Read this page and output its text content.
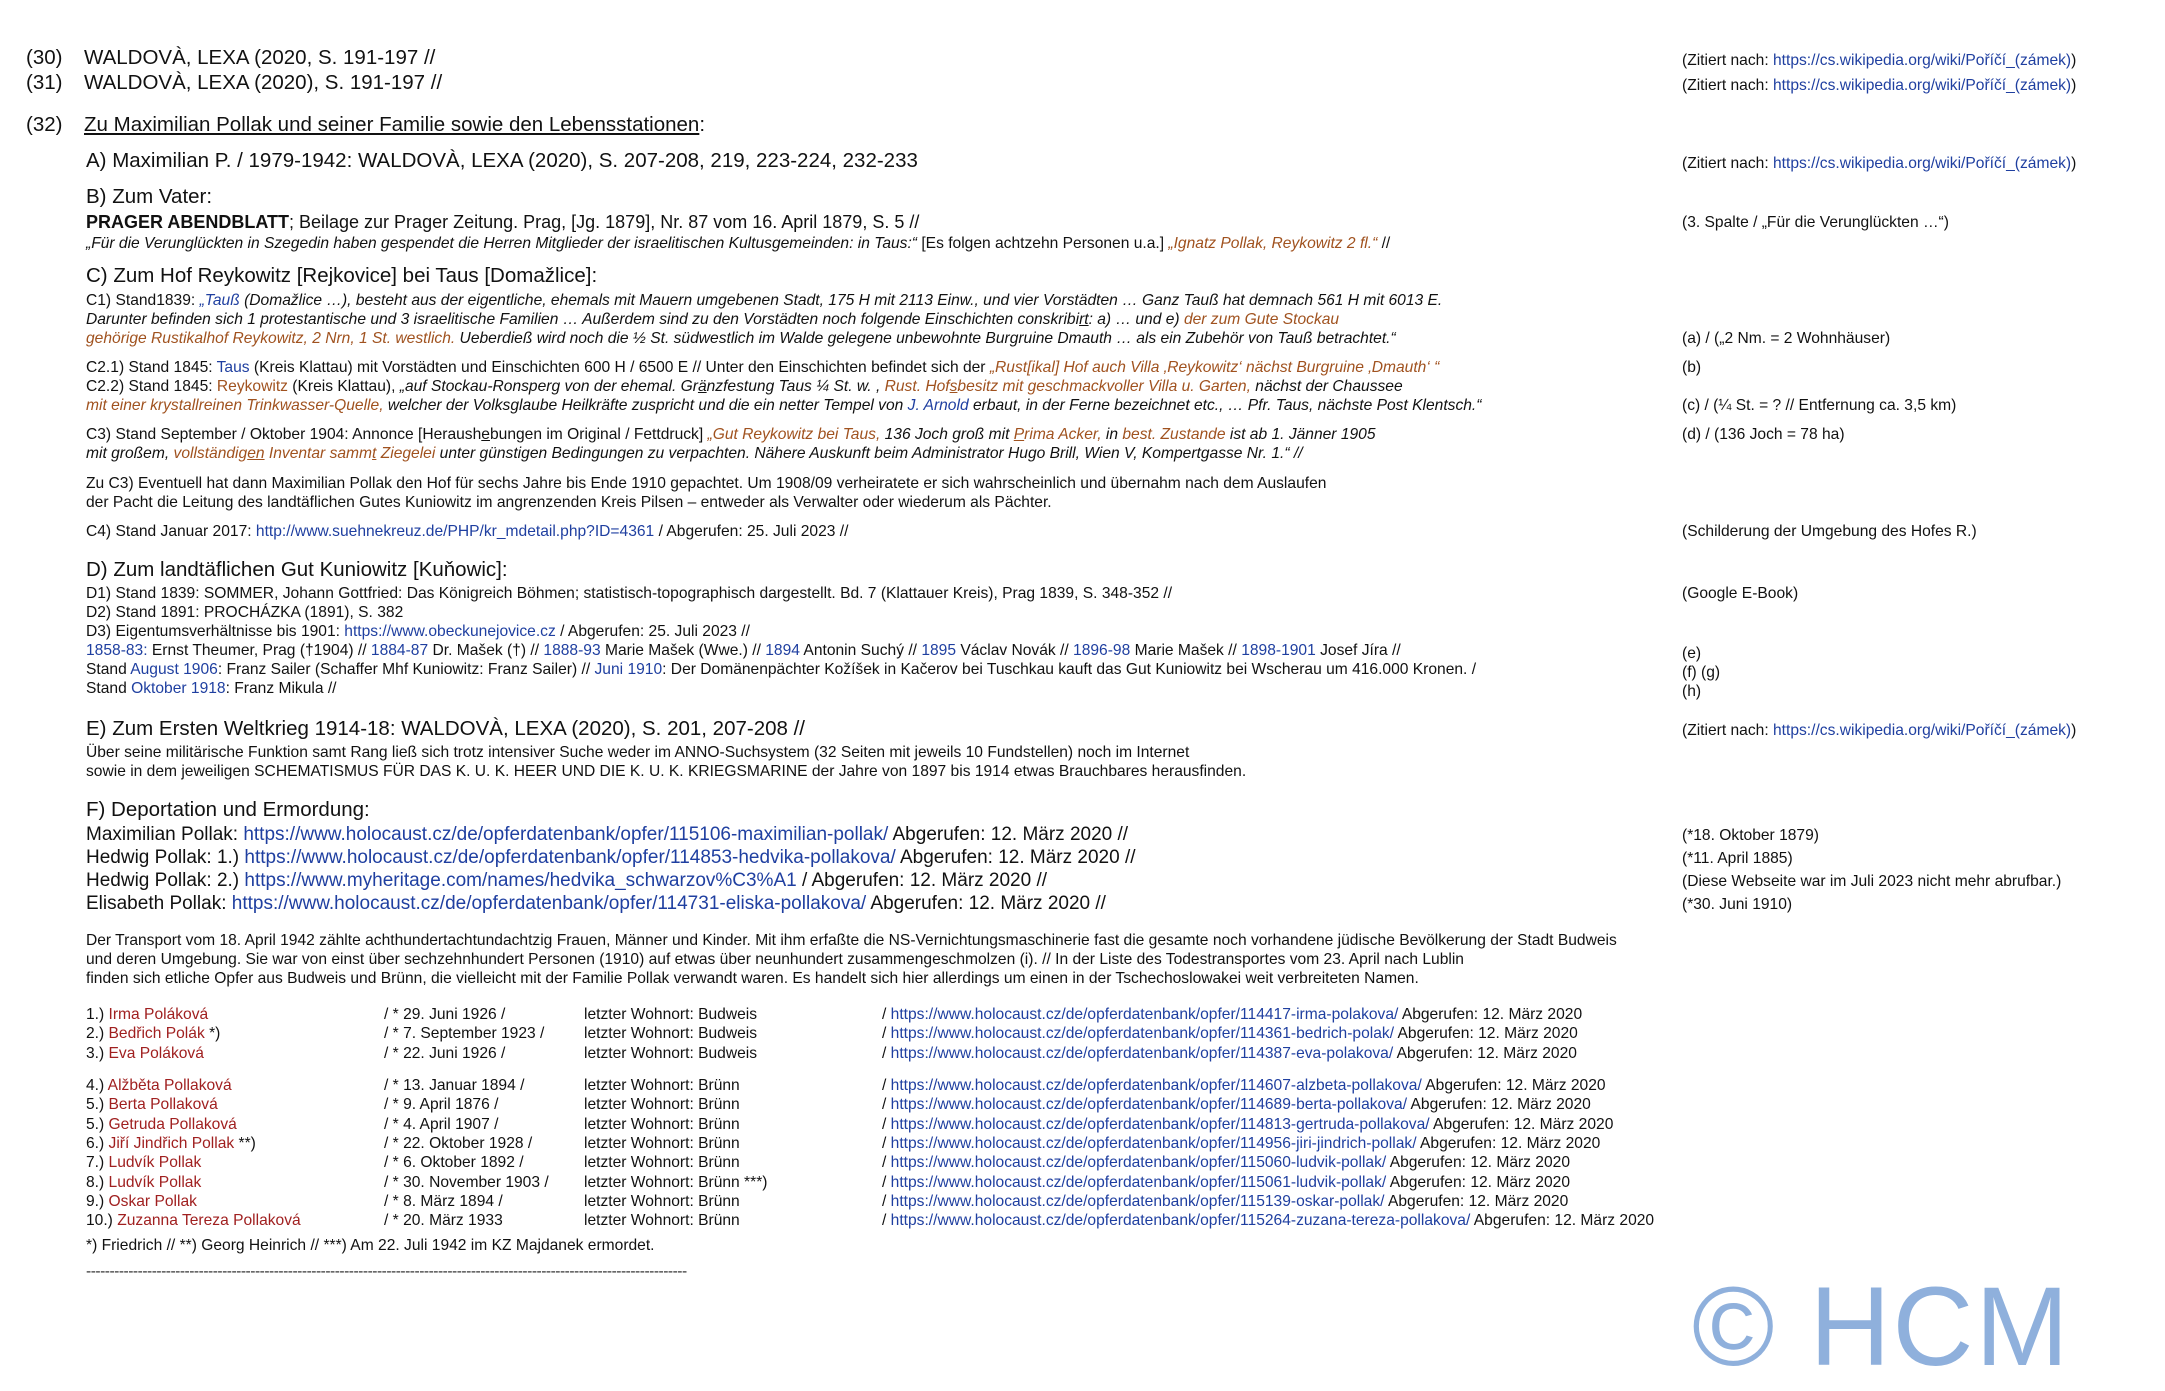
(30) WALDOVÀ, LEXA (2020, S. 191-197 //	(Zitiert nach: https://cs.wikipedia.org/wiki/Poříčí_(zámek))
(31) WALDOVÀ, LEXA (2020), S. 191-197 //	(Zitiert nach: https://cs.wikipedia.org/wiki/Poříčí_(zámek))
(32) Zu Maximilian Pollak und seiner Familie sowie den Lebensstationen:
A) Maximilian P. / 1979-1942: WALDOVÀ, LEXA (2020), S. 207-208, 219, 223-224, 232-233	(Zitiert nach: https://cs.wikipedia.org/wiki/Poříčí_(zámek))
B) Zum Vater:
PRAGER ABENDBLATT; Beilage zur Prager Zeitung. Prag, [Jg. 1879], Nr. 87 vom 16. April 1879, S. 5 //	(3. Spalte / „Für die Verunglückten …“)
„Für die Verunglückten in Szegedin haben gespendet die Herren Mitglieder der israelitischen Kultusgemeinden: in Taus:“ [Es folgen achtzehn Personen u.a.] „Ignatz Pollak, Reykowitz 2 fl.“ //
C) Zum Hof Reykowitz [Rejkovice] bei Taus [Domažlice]:
C1) Stand1839: „Tauß (Domažlice …), besteht aus der eigentliche, ehemals mit Mauern umgebenen Stadt, 175 H mit 2113 Einw., und vier Vorstädten … Ganz Tauß hat demnach 561 H mit 6013 E.
Darunter befinden sich 1 protestantische und 3 israelitische Familien … Außerdem sind zu den Vorstädten noch folgende Einschichten conskribirt: a) … und e) der zum Gute Stockau
gehörige Rustikalhof Reykowitz, 2 Nrn, 1 St. westlich. Ueberdieß wird noch die ½ St. südwestlich im Walde gelegene unbewohnte Burgruine Dmauth … als ein Zubehör von Tauß betrachtet.“	(a) / („2 Nm. = 2 Wohnhäuser)
C2.1) Stand 1845: Taus (Kreis Klattau) mit Vorstädten und Einschichten 600 H / 6500 E // Unter den Einschichten befindet sich der „Rust[ikal] Hof auch Villa ‚Reykowitz‘ nächst Burgruine ‚Dmauth‘ “	(b)
C2.2) Stand 1845: Reykowitz (Kreis Klattau), „auf Stockau-Ronsperg von der ehemal. Gränzfestung Taus ¼ St. w. , Rust. Hofsbesitz mit geschmackvoller Villa u. Garten, nächst der Chaussee
mit einer krystallreinen Trinkwasser-Quelle, welcher der Volksglaube Heilkräfte zuspricht und die ein netter Tempel von J. Arnold erbaut, in der Ferne bezeichnet etc., … Pfr. Taus, nächste Post Klentsch.“	(c) / (¼ St. = ? // Entfernung ca. 3,5 km)
C3) Stand September / Oktober 1904: Annonce [Heraushebungen im Original / Fettdruck] „Gut Reykowitz bei Taus, 136 Joch groß mit Prima Acker, in best. Zustande ist ab 1. Jänner 1905
mit großem, vollständigen Inventar sammt Ziegelei unter günstigen Bedingungen zu verpachten. Nähere Auskunft beim Administrator Hugo Brill, Wien V, Kompertgasse Nr. 1.“ //
(d) / (136 Joch = 78 ha)
Zu C3) Eventuell hat dann Maximilian Pollak den Hof für sechs Jahre bis Ende 1910 gepachtet. Um 1908/09 verheiratete er sich wahrscheinlich und übernahm nach dem Auslaufen
der Pacht die Leitung des landtäflichen Gutes Kuniowitz im angrenzenden Kreis Pilsen – entweder als Verwalter oder wiederum als Pächter.
C4) Stand Januar 2017: http://www.suehnekreuz.de/PHP/kr_mdetail.php?ID=4361 / Abgerufen: 25. Juli 2023 //	(Schilderung der Umgebung des Hofes R.)
D) Zum landtäflichen Gut Kuniowitz [Kuňowic]:
D1) Stand 1839: SOMMER, Johann Gottfried: Das Königreich Böhmen; statistisch-topographisch dargestellt. Bd. 7 (Klattauer Kreis), Prag 1839, S. 348-352 //	(Google E-Book)
D2) Stand 1891: PROCHÁZKA (1891), S. 382
D3) Eigentumsverhältnisse bis 1901: https://www.obeckunejovice.cz / Abgerufen: 25. Juli 2023 //
1858-83: Ernst Theumer, Prag (†1904) // 1884-87 Dr. Mašek (†) // 1888-93 Marie Mašek (Wwe.) // 1894 Antonin Suchý // 1895 Václav Novák // 1896-98 Marie Mašek // 1898-1901 Josef Jíra //	(e)
Stand August 1906: Franz Sailer (Schaffer Mhf Kuniowitz: Franz Sailer) // Juni 1910: Der Domänenpächter Kožíšek in Kačerov bei Tuschkau kauft das Gut Kuniowitz bei Wscherau um 416.000 Kronen. /	(f) (g)
Stand Oktober 1918: Franz Mikula //	(h)
E) Zum Ersten Weltkrieg 1914-18: WALDOVÀ, LEXA (2020), S. 201, 207-208 //	(Zitiert nach: https://cs.wikipedia.org/wiki/Poříčí_(zámek))
Über seine militärische Funktion samt Rang ließ sich trotz intensiver Suche weder im ANNO-Suchsystem (32 Seiten mit jeweils 10 Fundstellen) noch im Internet
sowie in dem jeweiligen SCHEMATISMUS FÜR DAS K. U. K. HEER UND DIE K. U. K. KRIEGSMARINE der Jahre von 1897 bis 1914 etwas Brauchbares herausfinden.
F) Deportation und Ermordung:
Maximilian Pollak: https://www.holocaust.cz/de/opferdatenbank/opfer/115106-maximilian-pollak/ Abgerufen: 12. März 2020 //	(*18. Oktober 1879)
Hedwig Pollak: 1.) https://www.holocaust.cz/de/opferdatenbank/opfer/114853-hedvika-pollakova/ Abgerufen: 12. März 2020 //	(*11. April 1885)
Hedwig Pollak: 2.) https://www.myheritage.com/names/hedvika_schwarzov%C3%A1 / Abgerufen: 12. März 2020 //	(Diese Webseite war im Juli 2023 nicht mehr abrufbar.)
Elisabeth Pollak: https://www.holocaust.cz/de/opferdatenbank/opfer/114731-eliska-pollakova/ Abgerufen: 12. März 2020 //	(*30. Juni 1910)
Der Transport vom 18. April 1942 zählte achthundertachtundachtzig Frauen, Männer und Kinder. Mit ihm erfaßte die NS-Vernichtungsmaschinerie fast die gesamte noch vorhandene jüdische Bevölkerung der Stadt Budweis
und deren Umgebung. Sie war von einst über sechzehnhundert Personen (1910) auf etwas über neunhundert zusammengeschmolzen (i). // In der Liste des Todestransportes vom 23. April nach Lublin
finden sich etliche Opfer aus Budweis und Brünn, die vielleicht mit der Familie Pollak verwandt waren. Es handelt sich hier allerdings um einen in der Tschechoslowakei weit verbreiteten Namen.
1.) Irma Poláková	/ * 29. Juni 1926 /	letzter Wohnort: Budweis	/ https://www.holocaust.cz/de/opferdatenbank/opfer/114417-irma-polakova/ Abgerufen: 12. März 2020
2.) Bedřich Polák *)	/ * 7. September 1923 /	letzter Wohnort: Budweis	/ https://www.holocaust.cz/de/opferdatenbank/opfer/114361-bedrich-polak/ Abgerufen: 12. März 2020
3.) Eva Poláková	/ * 22. Juni 1926 /	letzter Wohnort: Budweis	/ https://www.holocaust.cz/de/opferdatenbank/opfer/114387-eva-polakova/ Abgerufen: 12. März 2020
4.) Alžběta Pollaková	/ * 13. Januar 1894 /	letzter Wohnort: Brünn	/ https://www.holocaust.cz/de/opferdatenbank/opfer/114607-alzbeta-pollakova/ Abgerufen: 12. März 2020
5.) Berta Pollaková	/ * 9. April 1876 /	letzter Wohnort: Brünn	/ https://www.holocaust.cz/de/opferdatenbank/opfer/114689-berta-pollakova/ Abgerufen: 12. März 2020
5.) Getruda Pollaková	/ * 4. April 1907 /	letzter Wohnort: Brünn	/ https://www.holocaust.cz/de/opferdatenbank/opfer/114813-gertruda-pollakova/ Abgerufen: 12. März 2020
6.) Jiří Jindřich Pollak **)	/ * 22. Oktober 1928 /	letzter Wohnort: Brünn	/ https://www.holocaust.cz/de/opferdatenbank/opfer/114956-jiri-jindrich-pollak/ Abgerufen: 12. März 2020
7.) Ludvík Pollak	/ * 6. Oktober 1892 /	letzter Wohnort: Brünn	/ https://www.holocaust.cz/de/opferdatenbank/opfer/115060-ludvik-pollak/ Abgerufen: 12. März 2020
8.) Ludvík Pollak	/ * 30. November 1903 / letzter Wohnort: Brünn ***)	/ https://www.holocaust.cz/de/opferdatenbank/opfer/115061-ludvik-pollak/ Abgerufen: 12. März 2020
9.) Oskar Pollak	/ * 8. März 1894 /	letzter Wohnort: Brünn	/ https://www.holocaust.cz/de/opferdatenbank/opfer/115139-oskar-pollak/ Abgerufen: 12. März 2020
10.) Zuzanna Tereza Pollaková	/ * 20. März 1933	letzter Wohnort: Brünn	/ https://www.holocaust.cz/de/opferdatenbank/opfer/115264-zuzana-tereza-pollakova/ Abgerufen: 12. März 2020
*) Friedrich // **) Georg Heinrich // ***) Am 22. Juli 1942 im KZ Majdanek ermordet.
--------------------------------------------------------------------------------------------------------------------------------	© HCM
